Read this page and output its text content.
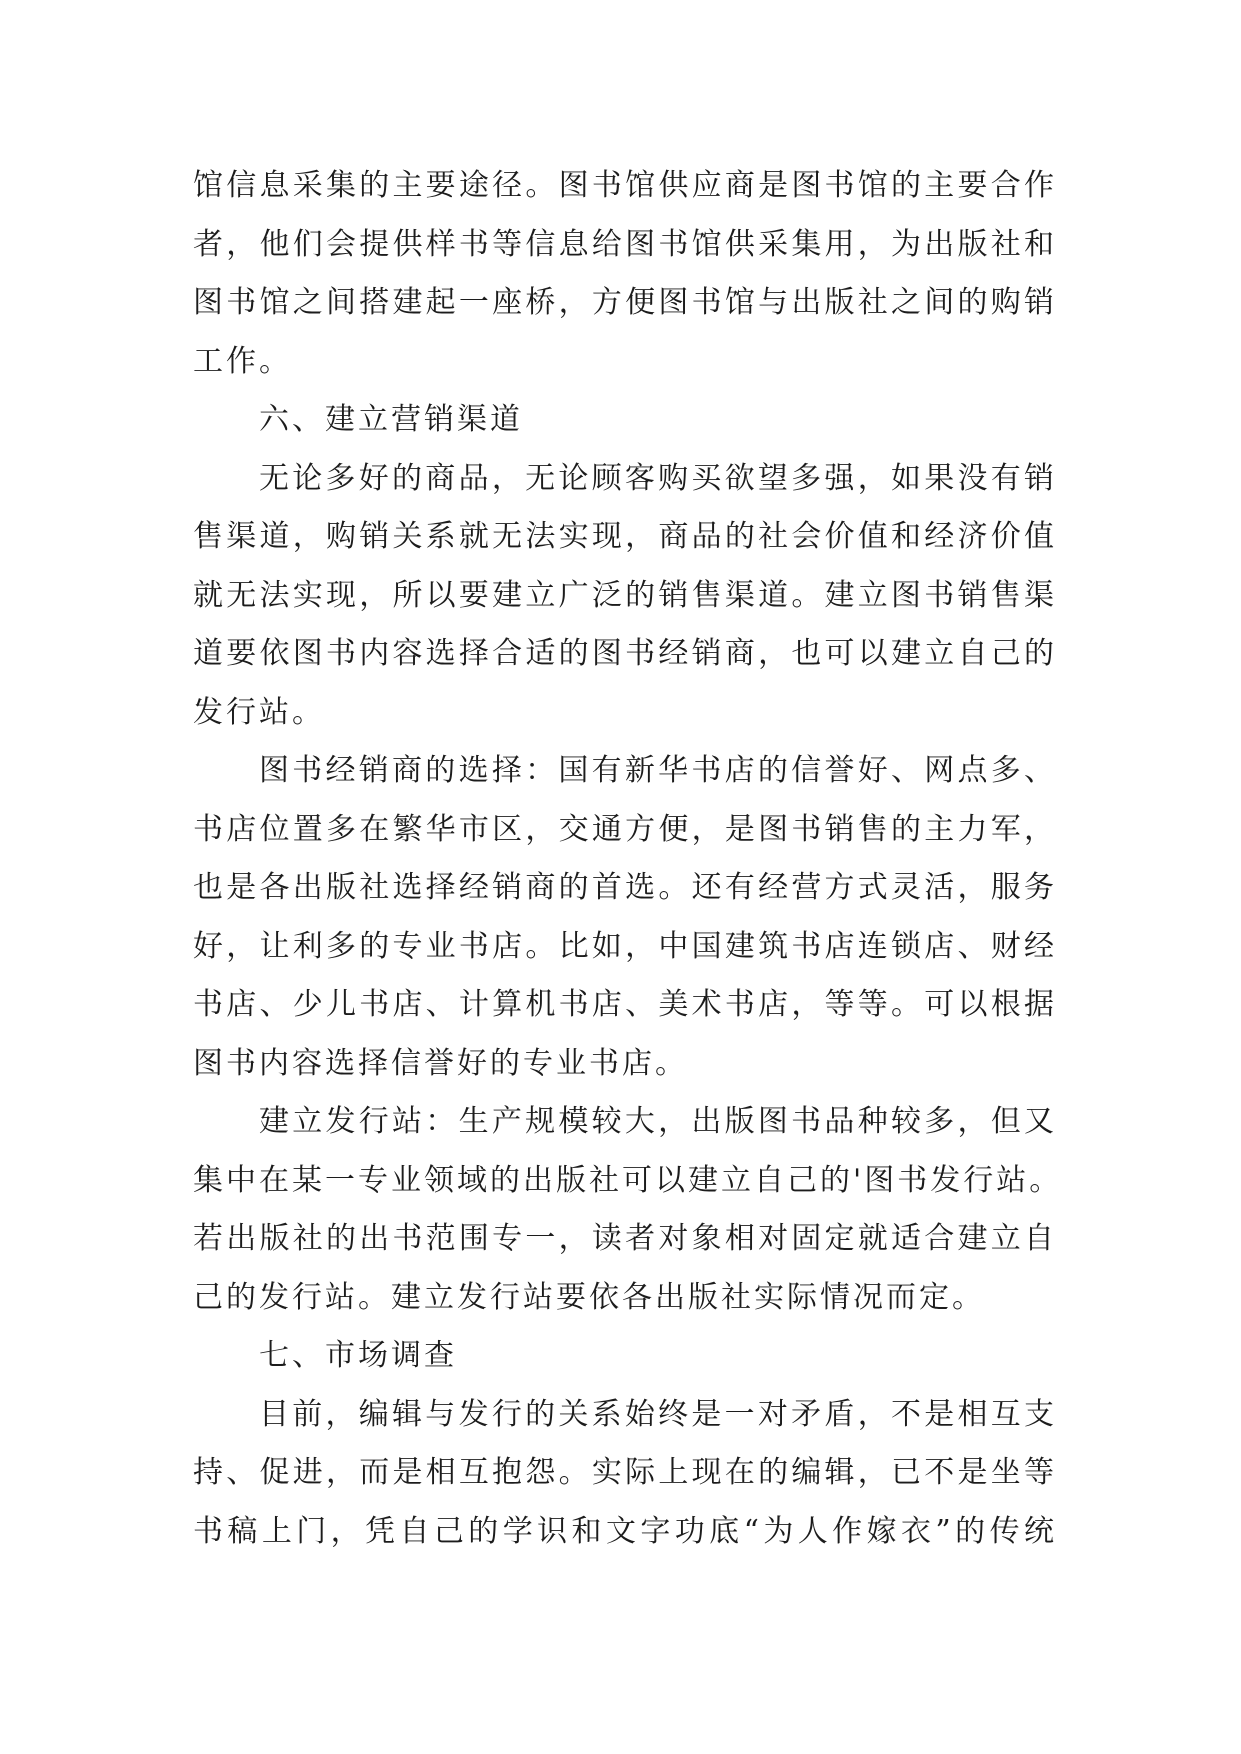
馆信息采集的主要途径。图书馆供应商是图书馆的主要合作
者，他们会提供样书等信息给图书馆供采集用，为出版社和
图书馆之间搭建起一座桥，方便图书馆与出版社之间的购销
工作。
六、建立营销渠道
无论多好的商品，无论顾客购买欲望多强，如果没有销
售渠道，购销关系就无法实现，商品的社会价值和经济价值
就无法实现，所以要建立广泛的销售渠道。建立图书销售渠
道要依图书内容选择合适的图书经销商，也可以建立自己的
发行站。
图书经销商的选择：国有新华书店的信誉好、网点多、
书店位置多在繁华市区，交通方便，是图书销售的主力军，
也是各出版社选择经销商的首选。还有经营方式灵活，服务
好，让利多的专业书店。比如，中国建筑书店连锁店、财经
书店、少儿书店、计算机书店、美术书店，等等。可以根据
图书内容选择信誉好的专业书店。
建立发行站：生产规模较大，出版图书品种较多，但又
集中在某一专业领域的出版社可以建立自己的'图书发行站。
若出版社的出书范围专一，读者对象相对固定就适合建立自
己的发行站。建立发行站要依各出版社实际情况而定。
七、市场调查
目前，编辑与发行的关系始终是一对矛盾，不是相互支
持、促进，而是相互抱怨。实际上现在的编辑，已不是坐等
书稿上门，凭自己的学识和文字功底“为人作嫁衣”的传统
